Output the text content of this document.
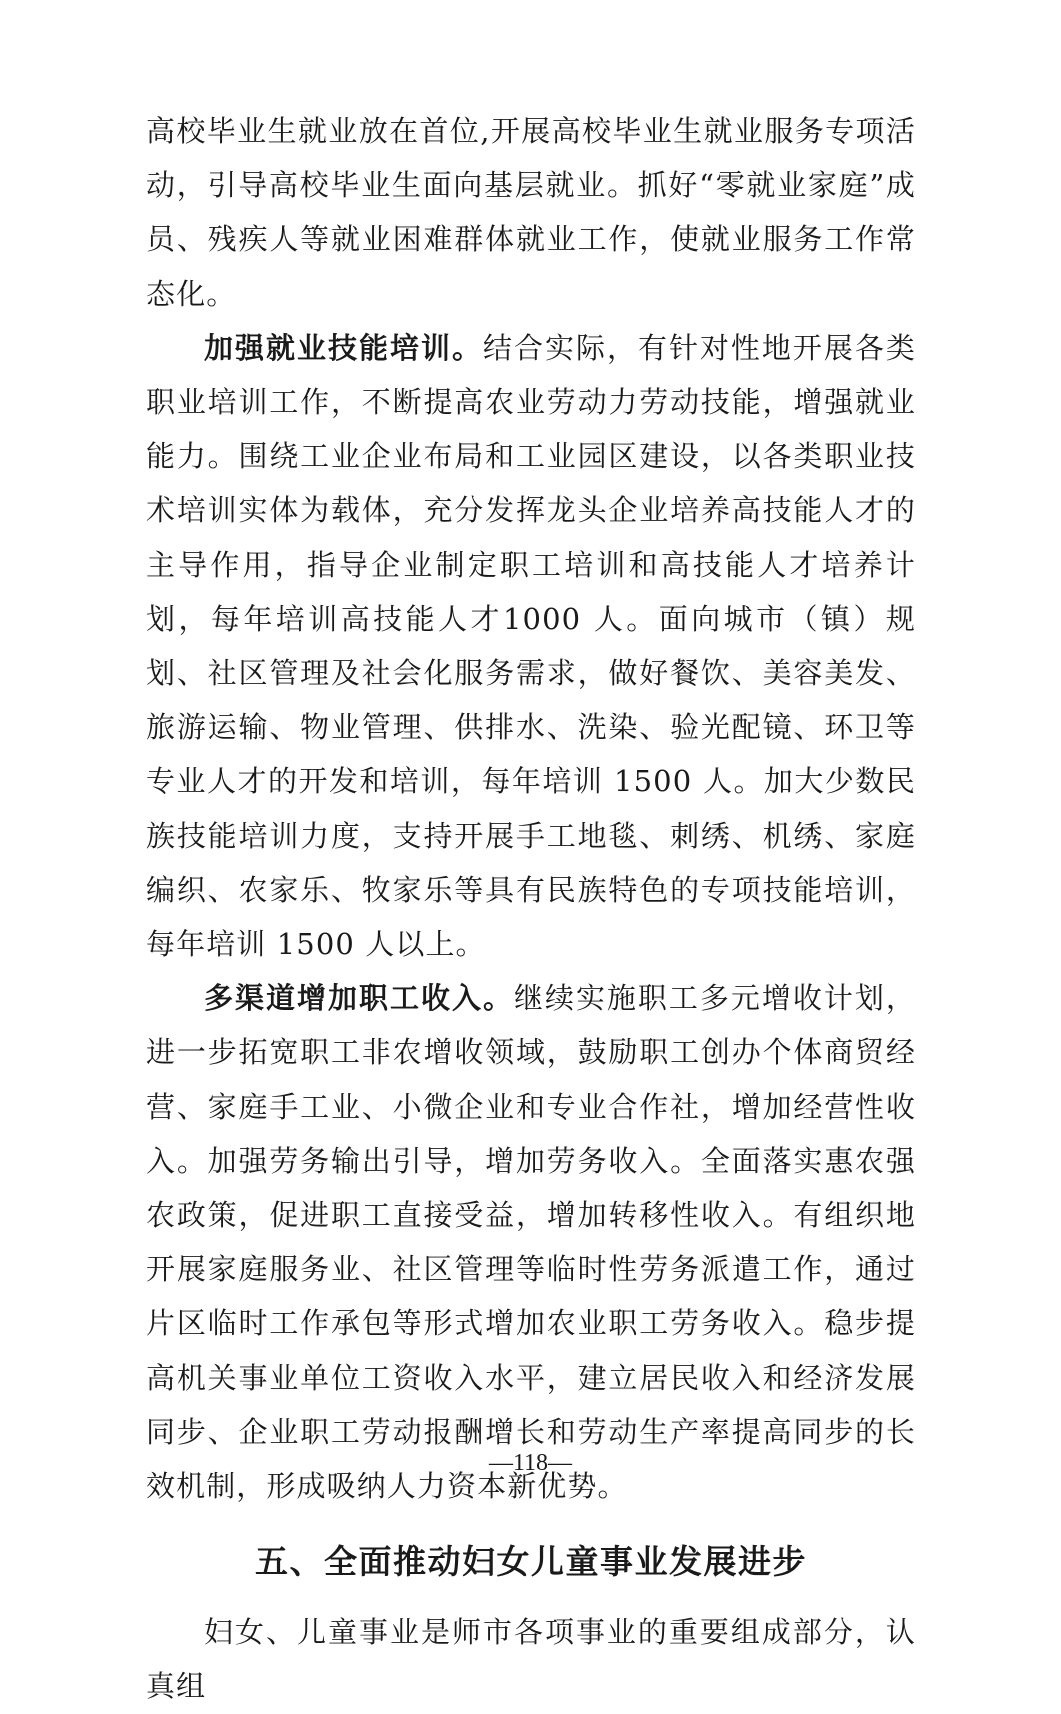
高校毕业生就业放在首位,开展高校毕业生就业服务专项活动，引导高校毕业生面向基层就业。抓好“零就业家庭”成员、残疾人等就业困难群体就业工作，使就业服务工作常态化。

加强就业技能培训。结合实际，有针对性地开展各类职业培训工作，不断提高农业劳动力劳动技能，增强就业能力。围绕工业企业布局和工业园区建设，以各类职业技术培训实体为载体，充分发挥龙头企业培养高技能人才的主导作用，指导企业制定职工培训和高技能人才培养计划，每年培训高技能人才1000 人。面向城市（镇）规划、社区管理及社会化服务需求，做好餐饮、美容美发、旅游运输、物业管理、供排水、洗染、验光配镜、环卫等专业人才的开发和培训，每年培训 1500 人。加大少数民族技能培训力度，支持开展手工地毯、刺绣、机绣、家庭编织、农家乐、牧家乐等具有民族特色的专项技能培训，每年培训 1500 人以上。

多渠道增加职工收入。继续实施职工多元增收计划，进一步拓宽职工非农增收领域，鼓励职工创办个体商贸经营、家庭手工业、小微企业和专业合作社，增加经营性收入。加强劳务输出引导，增加劳务收入。全面落实惠农强农政策，促进职工直接受益，增加转移性收入。有组织地开展家庭服务业、社区管理等临时性劳务派遣工作，通过片区临时工作承包等形式增加农业职工劳务收入。稳步提高机关事业单位工资收入水平，建立居民收入和经济发展同步、企业职工劳动报酬增长和劳动生产率提高同步的长效机制，形成吸纳人力资本新优势。

五、全面推动妇女儿童事业发展进步

妇女、儿童事业是师市各项事业的重要组成部分，认真组

—118—
